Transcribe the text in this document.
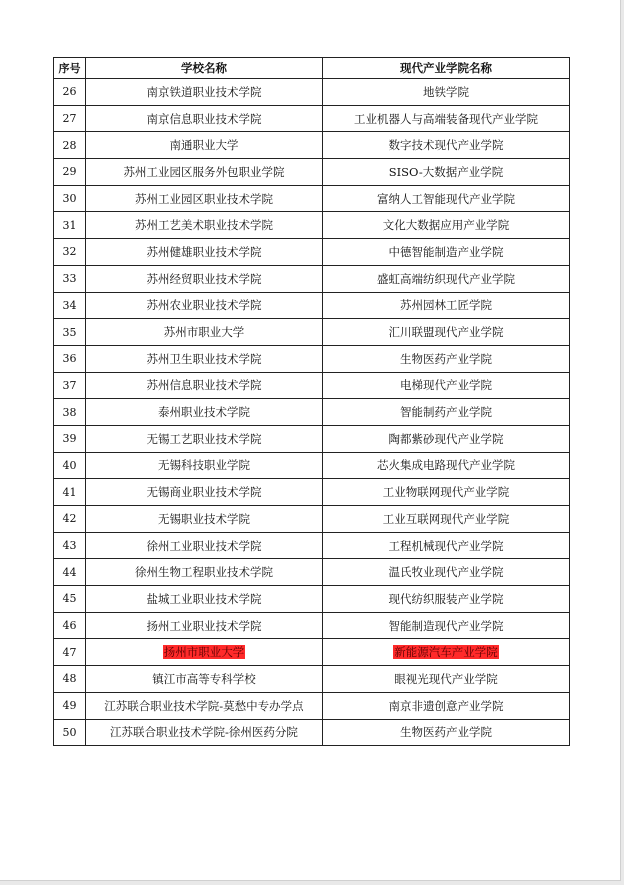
序号	学校名称	现代产业学院名称
26	南京铁道职业技术学院	地铁学院
27	南京信息职业技术学院	工业机器人与高端装备现代产业学院
28	南通职业大学	数字技术现代产业学院
29	苏州工业园区服务外包职业学院	SISO-大数据产业学院
30	苏州工业园区职业技术学院	富纳人工智能现代产业学院
31	苏州工艺美术职业技术学院	文化大数据应用产业学院
32	苏州健雄职业技术学院	中德智能制造产业学院
33	苏州经贸职业技术学院	盛虹高端纺织现代产业学院
34	苏州农业职业技术学院	苏州园林工匠学院
35	苏州市职业大学	汇川联盟现代产业学院
36	苏州卫生职业技术学院	生物医药产业学院
37	苏州信息职业技术学院	电梯现代产业学院
38	泰州职业技术学院	智能制药产业学院
39	无锡工艺职业技术学院	陶都紫砂现代产业学院
40	无锡科技职业学院	芯火集成电路现代产业学院
41	无锡商业职业技术学院	工业物联网现代产业学院
42	无锡职业技术学院	工业互联网现代产业学院
43	徐州工业职业技术学院	工程机械现代产业学院
44	徐州生物工程职业技术学院	温氏牧业现代产业学院
45	盐城工业职业技术学院	现代纺织服装产业学院
46	扬州工业职业技术学院	智能制造现代产业学院
47	扬州市职业大学	新能源汽车产业学院
48	镇江市高等专科学校	眼视光现代产业学院
49	江苏联合职业技术学院-莫愁中专办学点	南京非遗创意产业学院
50	江苏联合职业技术学院-徐州医药分院	生物医药产业学院
